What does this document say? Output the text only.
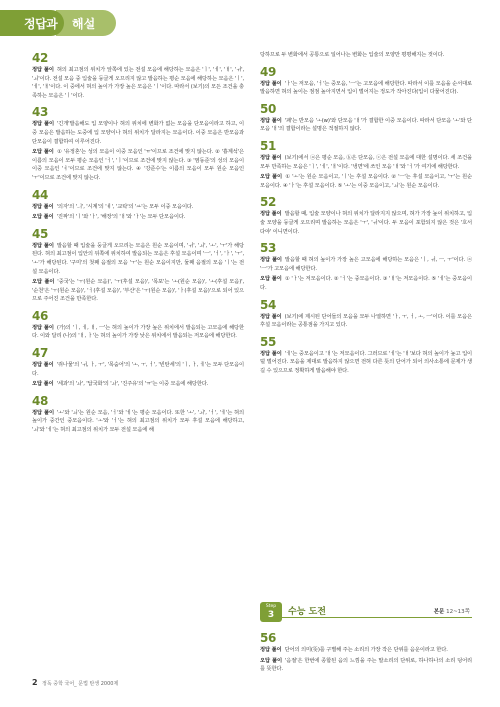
정답과 해설
42
정답 풀이 혀의 최고점의 위치가 앞쪽에 있는 전설 모음에 해당하는 모음은 'ㅣ', 'ㅔ', 'ㅐ', 'ㅟ', 'ㅚ'이다. 전설 모음 중 입술을 둥글게 오므리지 않고 발음하는 평순 모음에 해당하는 모음은 'ㅣ', 'ㅔ', 'ㅐ'이다. 이 중에서 혀의 높이가 가장 높은 모음은 'ㅣ'이다. 따라서 (보기)의 모든 조건을 충족하는 모음은 'ㅣ'이다.
43
정답 풀이 '긴개'발음해도 입 모양이나 혀의 위치에 변화가 없는 모음을 단모음이라고 하고, 이중 모음은 발음하는 도중에 입 모양이나 혀의 위치가 달라지는 모음이다. 이중 모음은 반모음과 단모음이 결합하여 이루어진다.
오답 풀이 ① '유정혼'는 성의 모음이 이중 모음인 'ㅠ'이므로 조건에 맞지 않는다. ② '흉계석'은 이름의 모음이 모두 평순 모음인 'ㅓ', 'ㅣ'이므로 조건에 맞지 않는다. ③ '염동준'의 성의 모음이 이중 모음인 'ㅕ'이므로 조건에 맞지 않는다. ④ '강준수'는 이름의 모음이 모두 원순 모음인 'ㅜ'이므로 조건에 맞지 않는다.
44
정답 풀이 '의자'의 'ㅢ', '시계'의 'ㅖ', '교탁'의 'ㅛ'는 모두 이중 모음이다.
오답 풀이 '진짜'의 'ㅣ'와 'ㅏ', '해장'의 'ㅐ'와 'ㅏ'는 모두 단모음이다.
45
정답 풀이 발음할 때 입술을 둥글게 오므리는 모음은 원순 모음이며, 'ㅟ', 'ㅚ', 'ㅗ', 'ㅜ'가 해당된다. 혀의 최고점이 입안의 뒤쪽에 위치하여 발음되는 모음은 후설 모음이며 'ㅡ', 'ㅓ', 'ㅏ', 'ㅜ', 'ㅗ'가 해당된다. '구미'의 첫째 음절의 모음 'ㅜ'는 원순 모음이지만, 둘째 음절의 모음 'ㅣ'는 전설 모음이다.
오답 풀이 '중국'는 'ㅜ(원순 모음)', 'ㅜ(후설 모음)', '목포'는 'ㅗ(원순 모음)', 'ㅗ(후설 모음)', '순천'은 'ㅜ(원순 모음)', 'ㅓ(후설 모음)', '부산'은 'ㅜ(원순 모음)', 'ㅏ(후설 모음)'으로 되어 있으므로 주어진 조건을 만족한다.
46
정답 풀이 (가)의 'ㅣ, ㅔ, ㅐ, ㅡ'는 혀의 높이가 가장 높은 위치에서 발음되는 고모음에 해당한다. 이와 달리 (나)의 'ㅐ, ㅏ'는 혀의 높이가 가장 낮은 위치에서 발음되는 저모음에 해당한다.
47
정답 풀이 '쥐나물'의 'ㅟ, ㅏ, ㅜ', '목숨어'의 'ㅗ, ㅜ, ㅓ', '빈탄세'의 'ㅣ, ㅏ, ㅔ'는 모두 단모음이다.
오답 풀이 '세과'의 'ㅘ', '답국화'의 'ㅘ', '진주유'의 'ㅠ'는 이중 모음에 해당한다.
48
정답 풀이 'ㅗ'와 'ㅚ'는 원순 모음, 'ㅓ'와 'ㅔ'는 평순 모음이다. 또한 'ㅗ', 'ㅚ', 'ㅓ', 'ㅔ'는 혀의 높이가 중간인 중모음이다. 'ㅗ'와 'ㅓ'는 혀의 최고점의 위치가 모두 후설 모음에 해당하고, 'ㅚ'와 'ㅔ'는 혀의 최고점의 위치가 모두 전설 모음에 해
당하므로 두 변화에서 공통으로 일어나는 변화는 입술의 모양만 평평해지는 것이다.
49
정답 풀이 'ㅏ'는 저모음, 'ㅓ'는 중모음, 'ㅡ'는 고모음에 해당한다. 따라서 이를 모음을 순서대로 발음하면 혀의 높이는 점점 높아지면서 입이 벌어지는 정도가 작아진다(입이 다물어진다).
50
정답 풀이 '괘'는 반모음 'ㅗ(w)'와 단모음 'ㅐ'가 결합한 이중 모음이다. 따라서 단모음 'ㅗ'와 단모음 'ㅐ'의 결합이라는 설명은 적절하지 않다.
51
정답 풀이 (보기)에서 ⓐ은 평순 모음, ⓑ은 단모음, ⓒ은 전설 모음에 대한 설명이다. 세 조건을 모두 만족하는 모음은 'ㅣ', 'ㅔ', 'ㅐ'이다. '냉면'에 쓰인 모음 'ㅐ'와 'ㅓ'가 여기에 해당한다.
오답 풀이 ① 'ㅗ'는 원순 모음이고, 'ㅣ'는 후설 모음이다. ② 'ㅡ'는 후설 모음이고, 'ㅜ'는 원순 모음이다. ④ 'ㅏ'는 후설 모음이다. ⑤ 'ㅗ'는 이중 모음이고, 'ㅚ'는 원순 모음이다.
52
정답 풀이 발음할 때, 입술 모양이나 혀의 위치가 달라지지 않으며, 혀가 가장 높이 위치하고, 입술 모양을 둥글게 오므리며 발음하는 모음은 'ㅜ', 'ㅟ'이다. 두 모음이 포함되지 않은 것은 '호서다야' 이니면이다.
53
정답 풀이 발음할 때 혀의 높이가 가장 높은 고모음에 해당하는 모음은 'ㅣ, ㅟ, ㅡ, ㅜ'이다. ⓐ 'ㅡ'가 고모음에 해당한다.
오답 풀이 ① 'ㅏ'는 저모음이다. ② 'ㅓ'는 중모음이다. ③ 'ㅐ'는 저모음이다. ⑤ 'ㅔ'는 중모음이다.
54
정답 풀이 (보기)에 제시된 단어들의 모음을 모두 나열하면 'ㅏ, ㅜ, ㅓ, ㅗ, ㅡ'이다. 이를 모음은 후설 모음이라는 공통점을 가지고 있다.
55
정답 풀이 'ㅔ'는 중모음이고 'ㅐ'는 저모음이다. 그러므로 'ㅔ'는 'ㅐ'보다 혀의 높이가 높고 입이 덜 벌어진다. 모음을 제대로 발음하지 않으면 전혀 다른 뜻의 단어가 되어 의사소통에 문제가 생길 수 있으므로 정확하게 발음해야 한다.
Step
3	수능 도전	본문 12~13쪽
56
정답 풀이 단어의 의미(뜻)를 구별해 주는 소리의 가장 작은 단위를 음운이라고 한다.
오답 풀이 '음절'은 한번에 종합된 음의 느낌을 주는 말소리의 단위로, 하나하나의 소리 덩어리를 뜻한다.
2 정독 중학 국어_ 문법 탄생 2000제
